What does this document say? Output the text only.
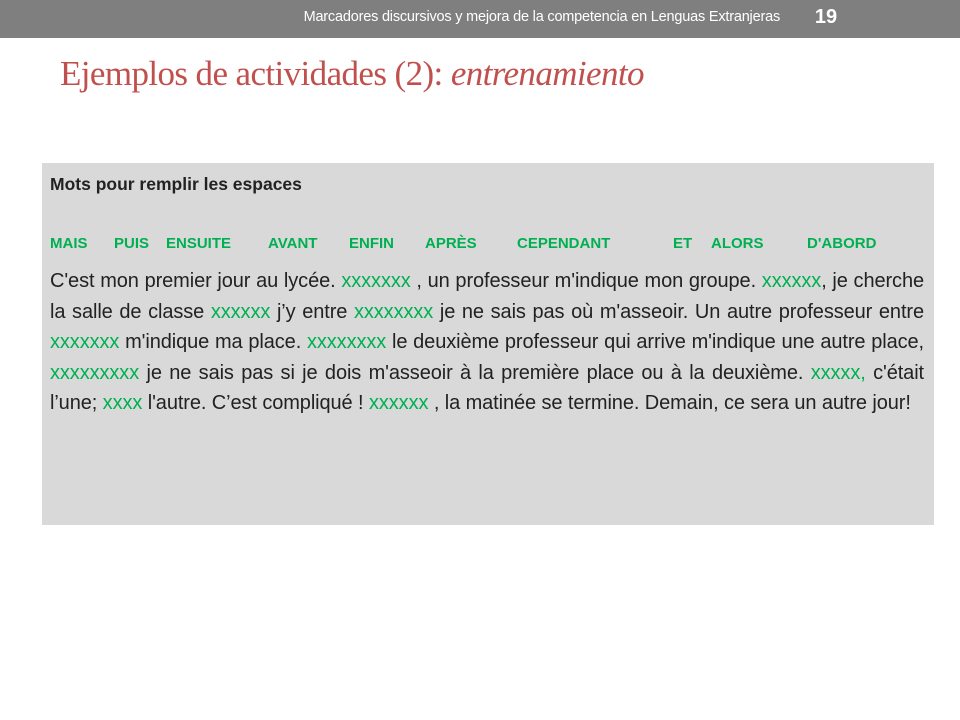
Marcadores discursivos y mejora de la competencia en Lenguas Extranjeras	19
Ejemplos de actividades (2): entrenamiento
Mots pour remplir les espaces
MAIS PUIS ENSUITE AVANT ENFIN APRÈS	CEPENDANT	ET ALORS	D'ABORD

C'est mon premier jour au lycée. xxxxxxx , un professeur m'indique mon groupe. xxxxxx, je cherche la salle de classe xxxxxx j’y entre xxxxxxxx je ne sais pas où m'asseoir. Un autre professeur entre xxxxxxx m'indique ma place. xxxxxxxx le deuxième professeur qui arrive m'indique une autre place, xxxxxxxxx je ne sais pas si je dois m'asseoir à la première place ou à la deuxième. xxxxx, c'était l’une; xxxx l'autre. C’est compliqué ! xxxxxx , la matinée se termine. Demain, ce sera un autre jour!
